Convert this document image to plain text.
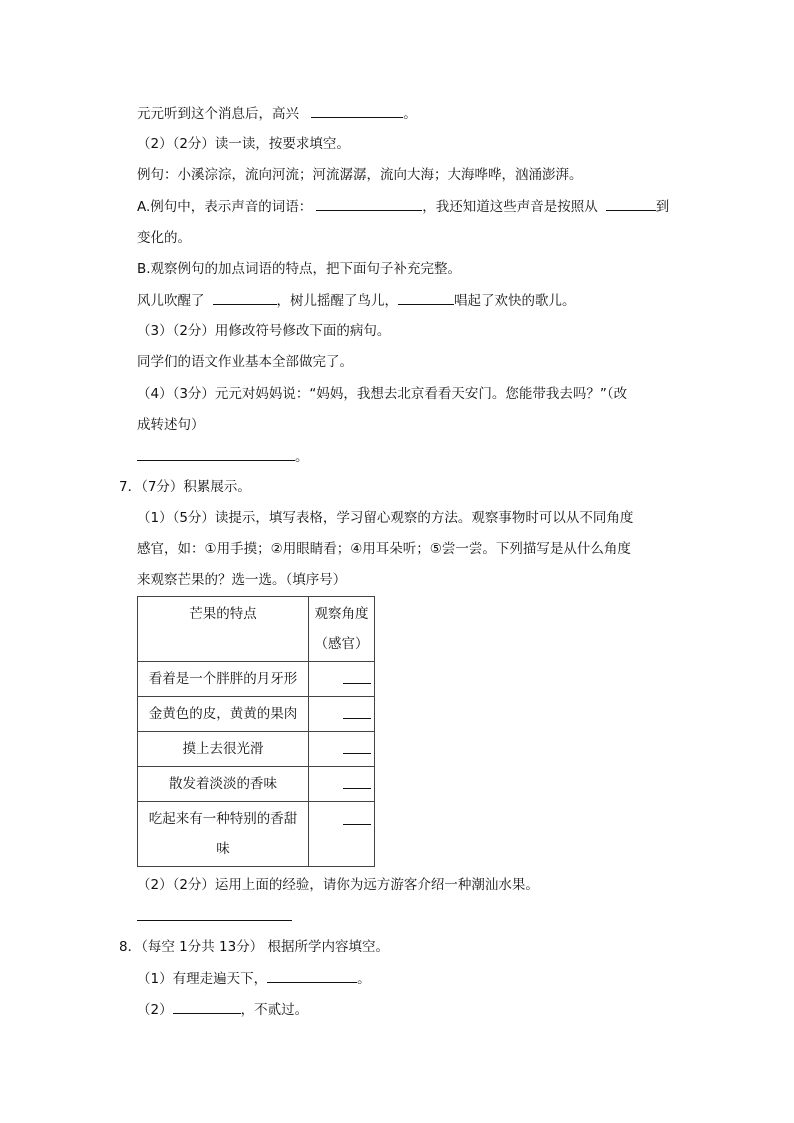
元元听到这个消息后，高兴	。
（2）（2分）读一读，按要求填空。
例句：小溪淙淙，流向河流；河流潺潺，流向大海；大海哗哗，汹涌澎湃。
A.例句中，表示声音的词语：	，我还知道这些声音是按照从	到
变化的。
B.观察例句的加点词语的特点，把下面句子补充完整。
风儿吹醒了	，树儿摇醒了鸟儿，	唱起了欢快的歌儿。
（3）（2分）用修改符号修改下面的病句。
同学们的语文作业基本全部做完了。
（4）（3分）元元对妈妈说：“妈妈，我想去北京看看天安门。您能带我去吗？”（改
成转述句）
。
7．（7分）积累展示。
（1）（5分）读提示，填写表格，学习留心观察的方法。观察事物时可以从不同角度
感官，如：①用手摸；②用眼睛看；④用耳朵听；⑤尝一尝。下列描写是从什么角度
来观察芒果的？选一选。（填序号）
芒果的特点	观察角度
（感官）

看着是一个胖胖的月牙形	

金黄色的皮，黄黄的果肉	

摸上去很光滑	

散发着淡淡的香味	

吃起来有一种特别的香甜
味	

（2）（2分）运用上面的经验，请你为远方游客介绍一种潮汕水果。
8．（每空 1分共 13分） 根据所学内容填空。
（1）有理走遍天下，	。
（2）	，不贰过。
